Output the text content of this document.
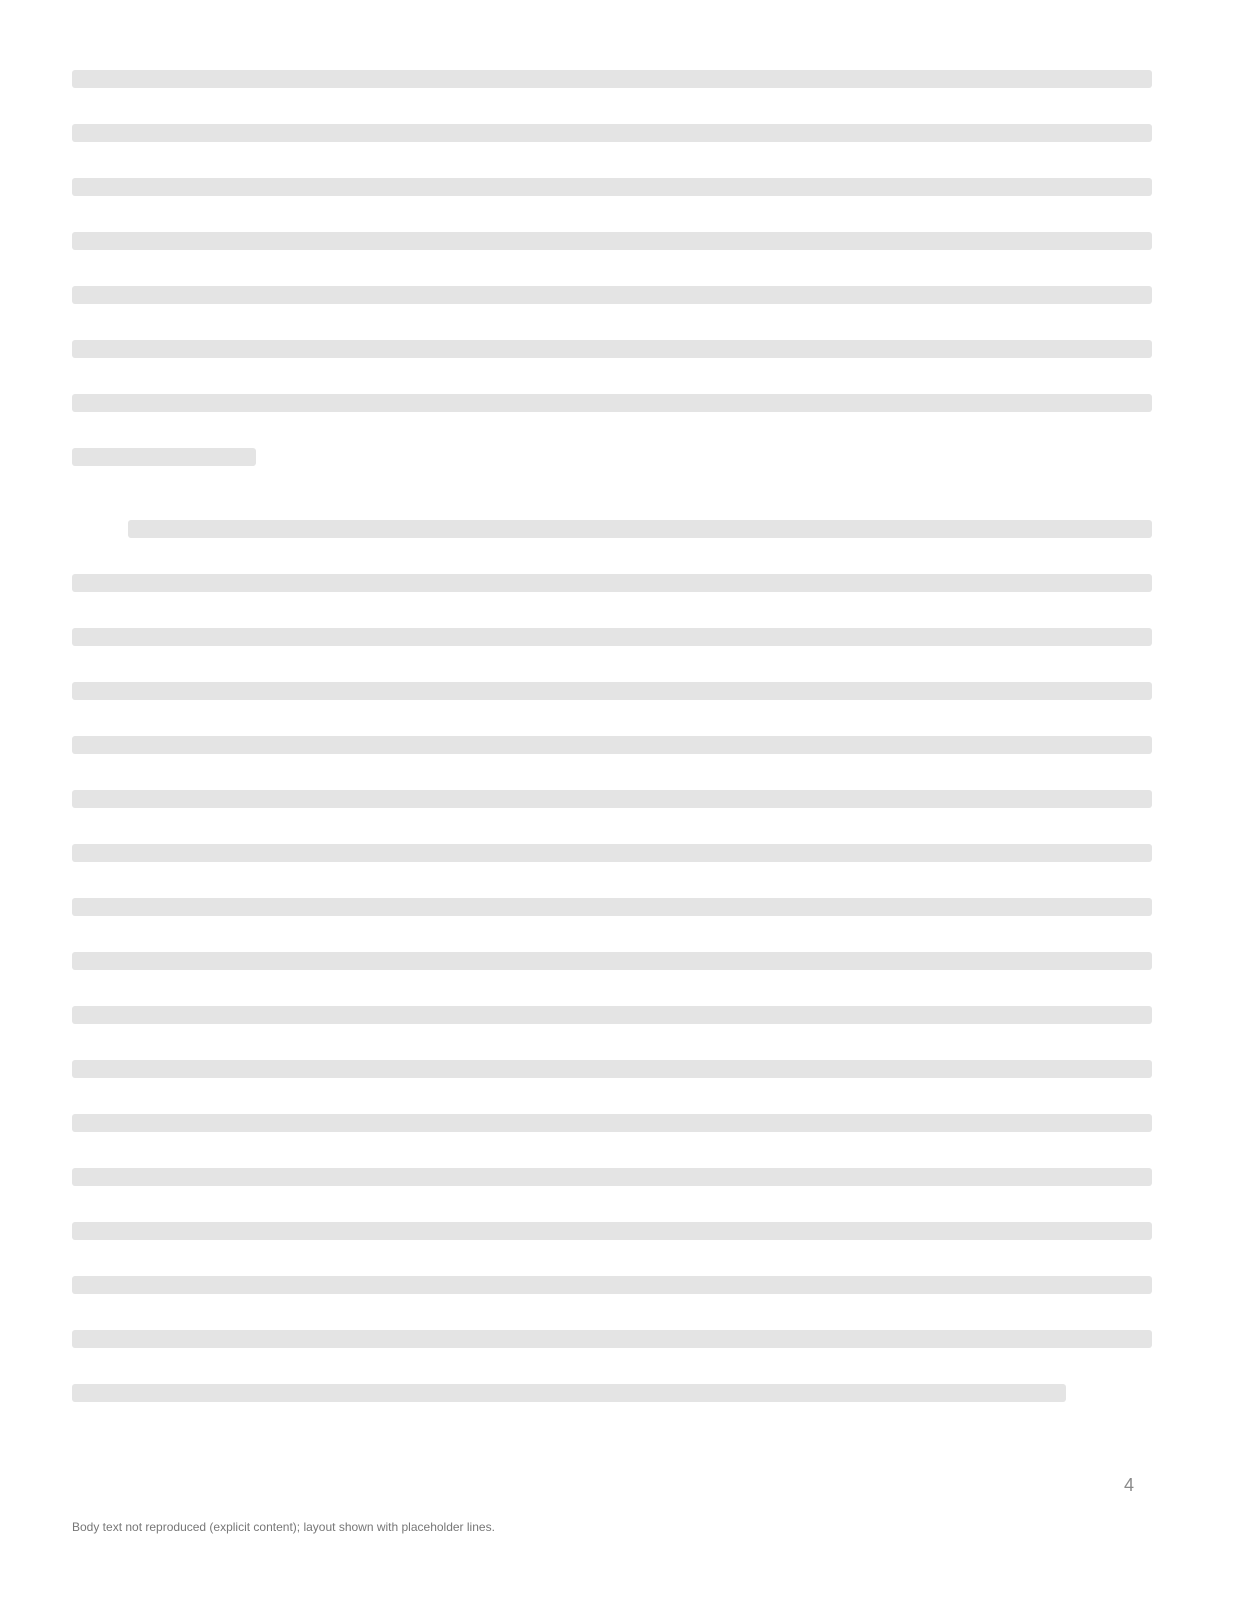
4
Body text not reproduced (explicit content); layout shown with placeholder lines.
